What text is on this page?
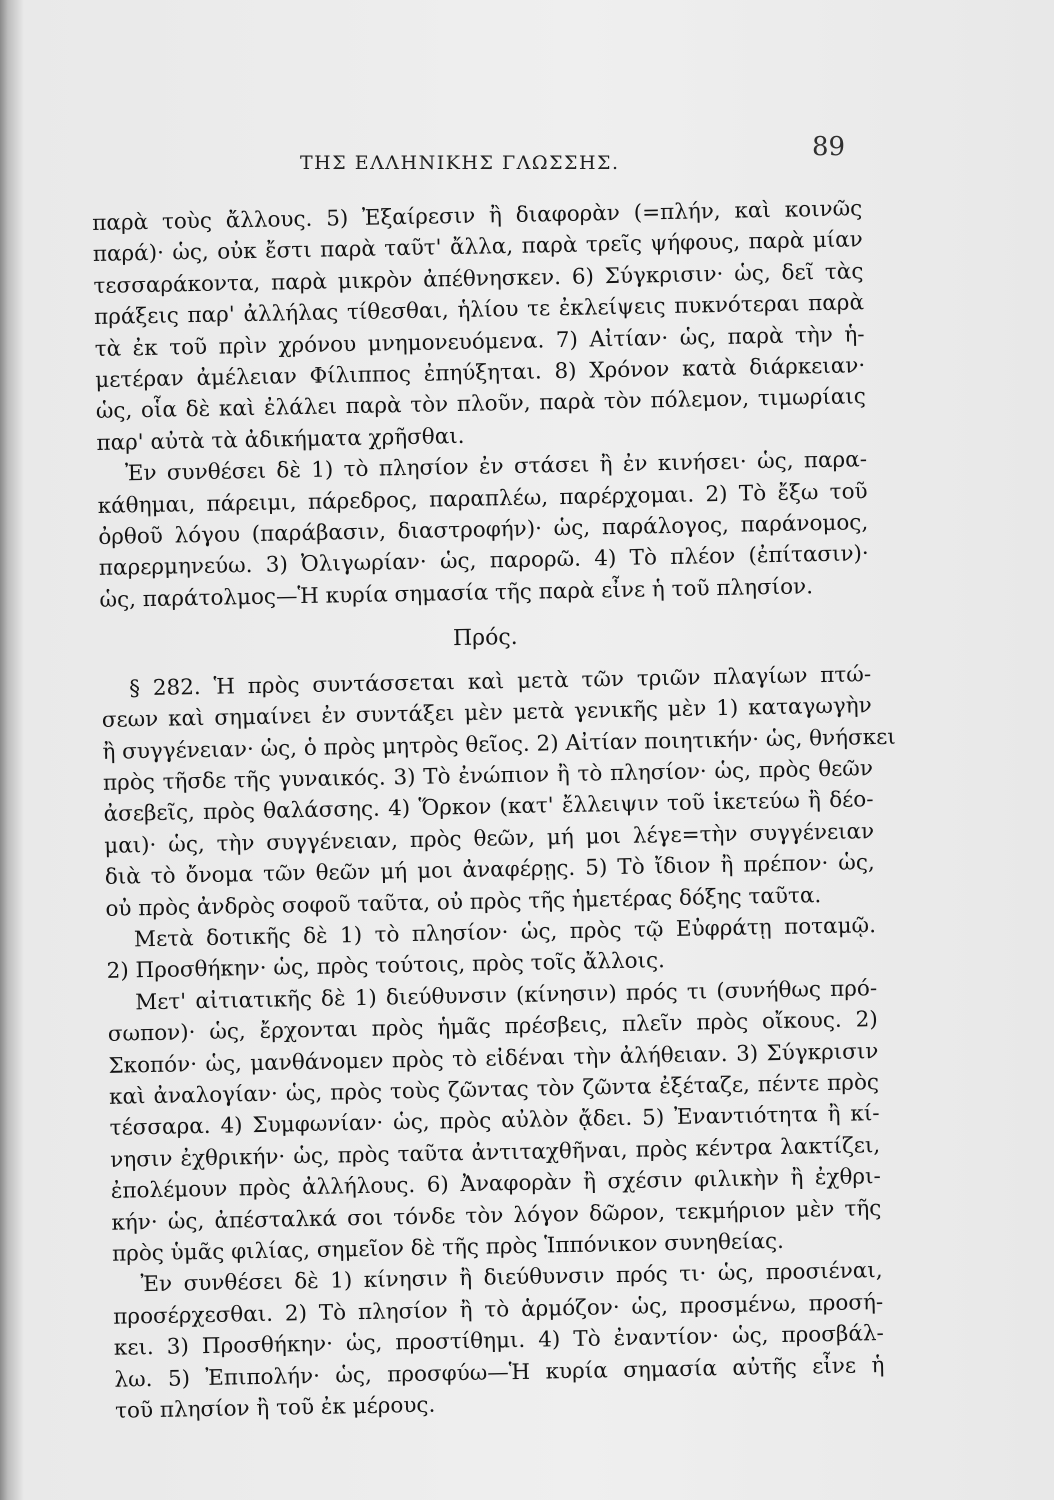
89
ΤΗΣ ΕΛΛΗΝΙΚΗΣ ΓΛΩΣΣΗΣ.
παρὰ τοὺς ἄλλους. 5) Ἐξαίρεσιν ἢ διαφορὰν (=πλήν, καὶ κοινῶς
παρά)· ὡς, οὐκ ἔστι παρὰ ταῦτ' ἄλλα, παρὰ τρεῖς ψήφους, παρὰ μίαν
τεσσαράκοντα, παρὰ μικρὸν ἀπέθνησκεν. 6) Σύγκρισιν· ὡς, δεῖ τὰς
πράξεις παρ' ἀλλήλας τίθεσθαι, ἡλίου τε ἐκλείψεις πυκνότεραι παρὰ
τὰ ἐκ τοῦ πρὶν χρόνου μνημονευόμενα. 7) Αἰτίαν· ὡς, παρὰ τὴν ἡ-
μετέραν ἀμέλειαν Φίλιππος ἐπηύξηται. 8) Χρόνον κατὰ διάρκειαν·
ὡς, οἷα δὲ καὶ ἐλάλει παρὰ τὸν πλοῦν, παρὰ τὸν πόλεμον, τιμωρίαις
παρ' αὐτὰ τὰ ἀδικήματα χρῆσθαι.
Ἐν συνθέσει δὲ 1) τὸ πλησίον ἐν στάσει ἢ ἐν κινήσει· ὡς, παρα-
κάθημαι, πάρειμι, πάρεδρος, παραπλέω, παρέρχομαι. 2) Τὸ ἔξω τοῦ
ὀρθοῦ λόγου (παράβασιν, διαστροφήν)· ὡς, παράλογος, παράνομος,
παρερμηνεύω. 3) Ὀλιγωρίαν· ὡς, παρορῶ. 4) Τὸ πλέον (ἐπίτασιν)·
ὡς, παράτολμος—Ἡ κυρία σημασία τῆς παρὰ εἶνε ἡ τοῦ πλησίον.
Πρός.
§ 282. Ἡ πρὸς συντάσσεται καὶ μετὰ τῶν τριῶν πλαγίων πτώ-
σεων καὶ σημαίνει ἐν συντάξει μὲν μετὰ γενικῆς μὲν 1) καταγωγὴν
ἢ συγγένειαν· ὡς, ὁ πρὸς μητρὸς θεῖος. 2) Αἰτίαν ποιητικήν· ὡς, θνήσκει
πρὸς τῆσδε τῆς γυναικός. 3) Τὸ ἐνώπιον ἢ τὸ πλησίον· ὡς, πρὸς θεῶν
ἀσεβεῖς, πρὸς θαλάσσης. 4) Ὅρκον (κατ' ἔλλειψιν τοῦ ἱκετεύω ἢ δέο-
μαι)· ὡς, τὴν συγγένειαν, πρὸς θεῶν, μή μοι λέγε=τὴν συγγένειαν
διὰ τὸ ὄνομα τῶν θεῶν μή μοι ἀναφέρῃς. 5) Τὸ ἴδιον ἢ πρέπον· ὡς,
οὐ πρὸς ἀνδρὸς σοφοῦ ταῦτα, οὐ πρὸς τῆς ἡμετέρας δόξης ταῦτα.
Μετὰ δοτικῆς δὲ 1) τὸ πλησίον· ὡς, πρὸς τῷ Εὐφράτῃ ποταμῷ.
2) Προσθήκην· ὡς, πρὸς τούτοις, πρὸς τοῖς ἄλλοις.
Μετ' αἰτιατικῆς δὲ 1) διεύθυνσιν (κίνησιν) πρός τι (συνήθως πρό-
σωπον)· ὡς, ἔρχονται πρὸς ἡμᾶς πρέσβεις, πλεῖν πρὸς οἴκους. 2)
Σκοπόν· ὡς, μανθάνομεν πρὸς τὸ εἰδέναι τὴν ἀλήθειαν. 3) Σύγκρισιν
καὶ ἀναλογίαν· ὡς, πρὸς τοὺς ζῶντας τὸν ζῶντα ἐξέταζε, πέντε πρὸς
τέσσαρα. 4) Συμφωνίαν· ὡς, πρὸς αὐλὸν ᾄδει. 5) Ἐναντιότητα ἢ κί-
νησιν ἐχθρικήν· ὡς, πρὸς ταῦτα ἀντιταχθῆναι, πρὸς κέντρα λακτίζει,
ἐπολέμουν πρὸς ἀλλήλους. 6) Ἀναφορὰν ἢ σχέσιν φιλικὴν ἢ ἐχθρι-
κήν· ὡς, ἀπέσταλκά σοι τόνδε τὸν λόγον δῶρον, τεκμήριον μὲν τῆς
πρὸς ὑμᾶς φιλίας, σημεῖον δὲ τῆς πρὸς Ἱππόνικον συνηθείας.
Ἐν συνθέσει δὲ 1) κίνησιν ἢ διεύθυνσιν πρός τι· ὡς, προσιέναι,
προσέρχεσθαι. 2) Τὸ πλησίον ἢ τὸ ἁρμόζον· ὡς, προσμένω, προσή-
κει. 3) Προσθήκην· ὡς, προστίθημι. 4) Τὸ ἐναντίον· ὡς, προσβάλ-
λω. 5) Ἐπιπολήν· ὡς, προσφύω—Ἡ κυρία σημασία αὐτῆς εἶνε ἡ
τοῦ πλησίον ἢ τοῦ ἐκ μέρους.
